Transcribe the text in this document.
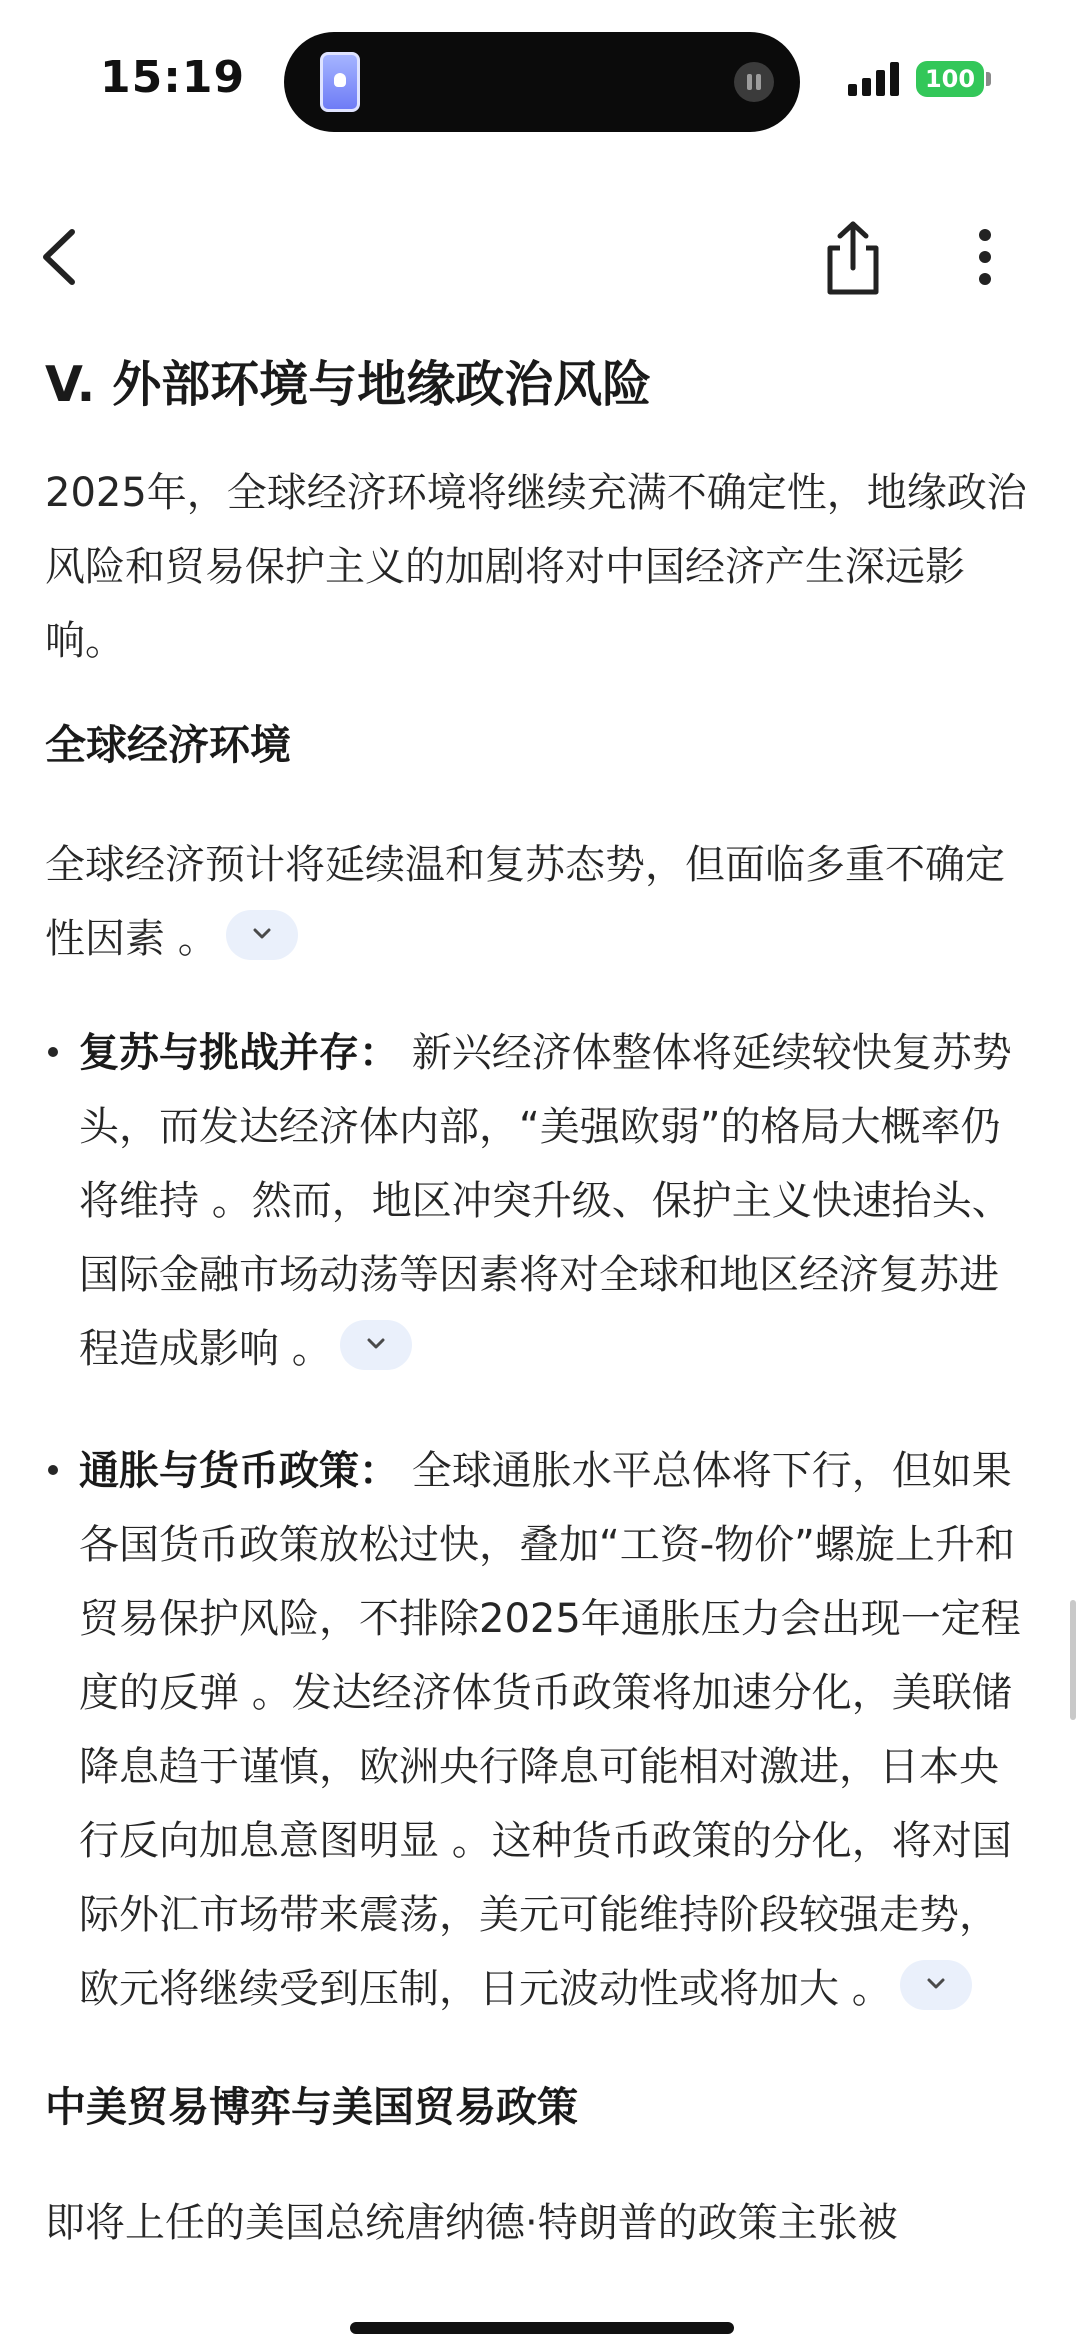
15:19	100
V. 外部环境与地缘政治风险

2025年，全球经济环境将继续充满不确定性，地缘政治风险和贸易保护主义的加剧将对中国经济产生深远影响。

全球经济环境

全球经济预计将延续温和复苏态势，但面临多重不确定性因素 。

复苏与挑战并存： 新兴经济体整体将延续较快复苏势头，而发达经济体内部，“美强欧弱”的格局大概率仍将维持 。然而，地区冲突升级、保护主义快速抬头、国际金融市场动荡等因素将对全球和地区经济复苏进程造成影响 。
通胀与货币政策： 全球通胀水平总体将下行，但如果各国货币政策放松过快，叠加“工资-物价”螺旋上升和贸易保护风险，不排除2025年通胀压力会出现一定程度的反弹 。发达经济体货币政策将加速分化，美联储降息趋于谨慎，欧洲央行降息可能相对激进，日本央行反向加息意图明显 。这种货币政策的分化，将对国际外汇市场带来震荡，美元可能维持阶段较强走势，欧元将继续受到压制，日元波动性或将加大 。
中美贸易博弈与美国贸易政策

即将上任的美国总统唐纳德·特朗普的政策主张被
